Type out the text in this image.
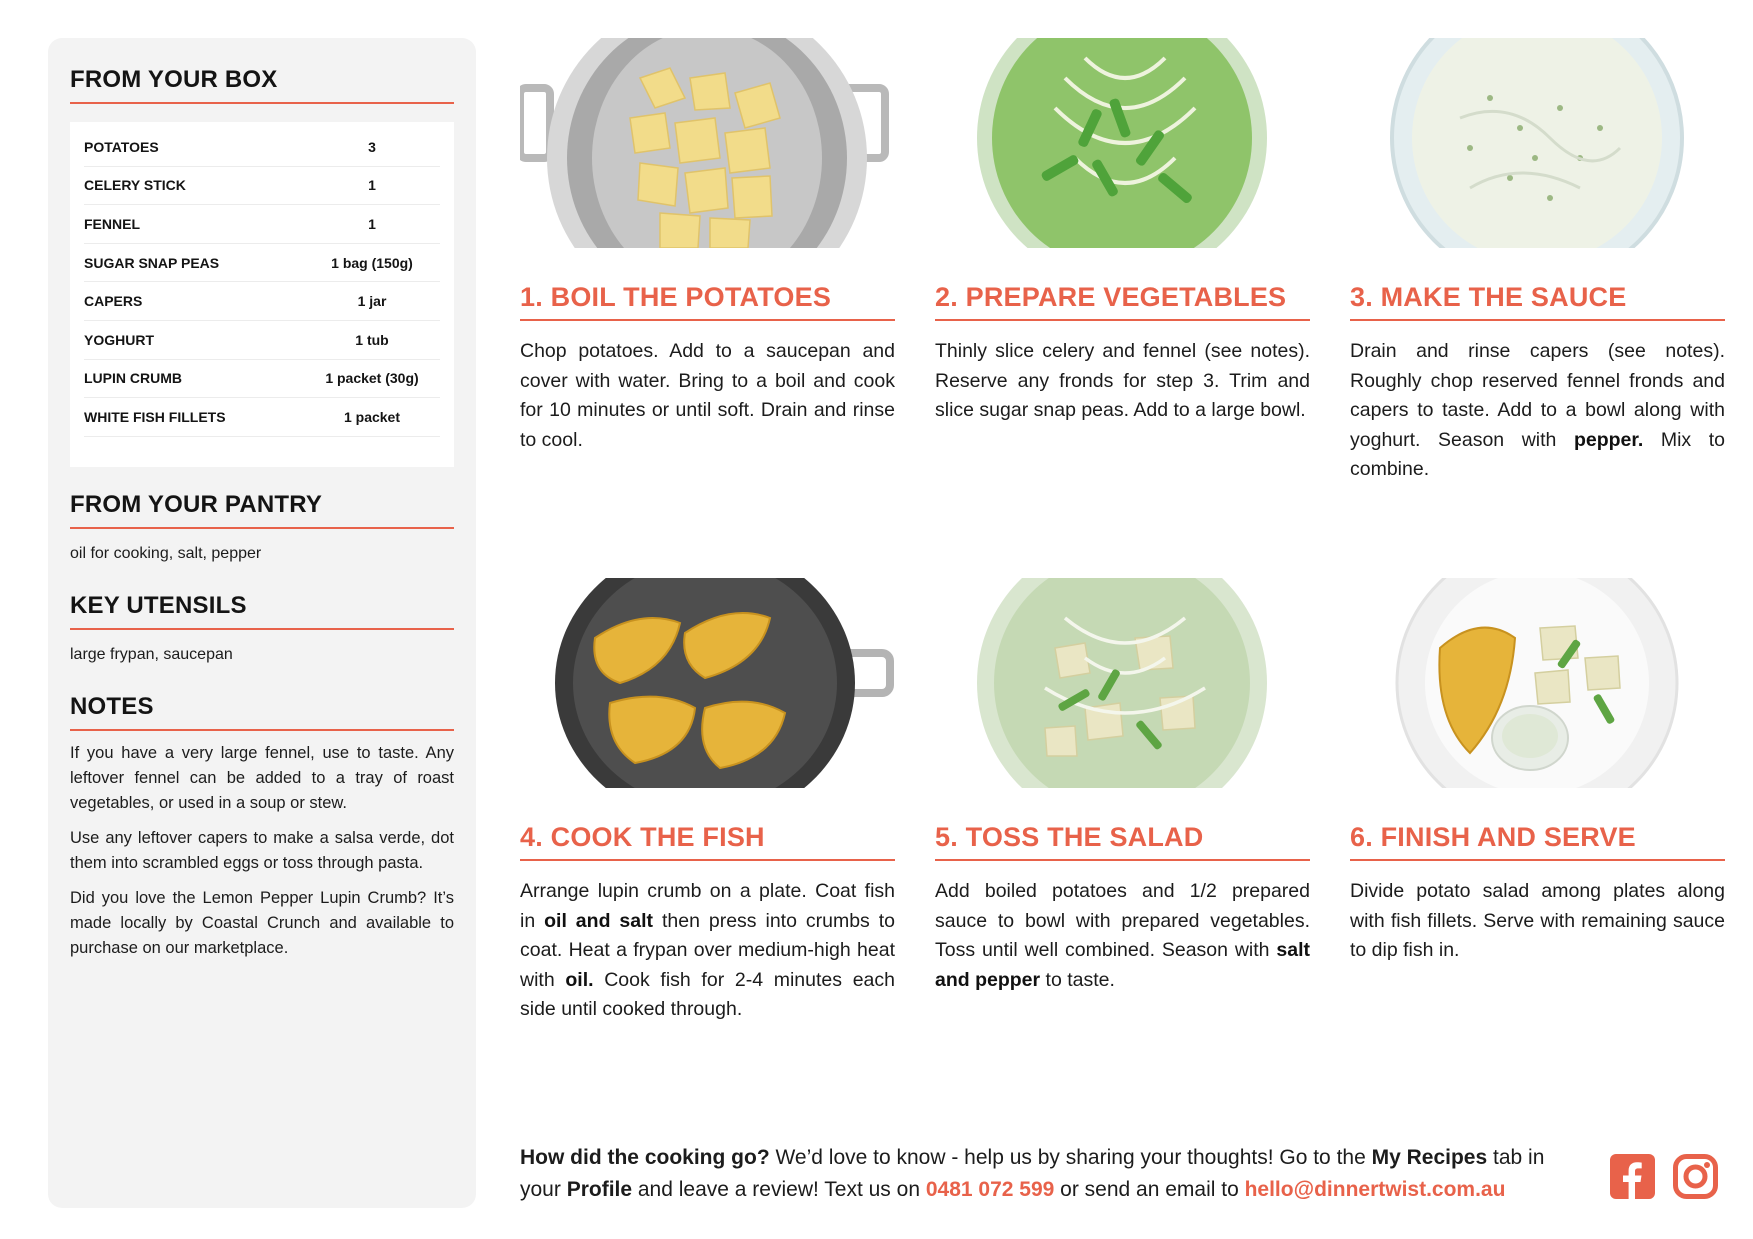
FROM YOUR BOX
POTATOES	3
CELERY STICK	1
FENNEL	1
SUGAR SNAP PEAS	1 bag (150g)
CAPERS	1 jar
YOGHURT	1 tub
LUPIN CRUMB	1 packet (30g)
WHITE FISH FILLETS	1 packet
FROM YOUR PANTRY

oil for cooking, salt, pepper

KEY UTENSILS

large frypan, saucepan

NOTES

If you have a very large fennel, use to taste. Any leftover fennel can be added to a tray of roast vegetables, or used in a soup or stew.

Use any leftover capers to make a salsa verde, dot them into scrambled eggs or toss through pasta.

Did you love the Lemon Pepper Lupin Crumb? It’s made locally by Coastal Crunch and available to purchase on our marketplace.

1. BOIL THE POTATOES

Chop potatoes. Add to a saucepan and cover with water. Bring to a boil and cook for 10 minutes or until soft. Drain and rinse to cool.

2. PREPARE VEGETABLES

Thinly slice celery and fennel (see notes). Reserve any fronds for step 3. Trim and slice sugar snap peas. Add to a large bowl.

3. MAKE THE SAUCE

Drain and rinse capers (see notes). Roughly chop reserved fennel fronds and capers to taste. Add to a bowl along with yoghurt. Season with pepper. Mix to combine.

4. COOK THE FISH

Arrange lupin crumb on a plate. Coat fish in oil and salt then press into crumbs to coat. Heat a frypan over medium-high heat with oil. Cook fish for 2-4 minutes each side until cooked through.

5. TOSS THE SALAD

Add boiled potatoes and 1/2 prepared sauce to bowl with prepared vegetables. Toss until well combined. Season with salt and pepper to taste.

6. FINISH AND SERVE

Divide potato salad among plates along with fish fillets. Serve with remaining sauce to dip fish in.

How did the cooking go? We’d love to know - help us by sharing your thoughts! Go to the My Recipes tab in your Profile and leave a review! Text us on 0481 072 599 or send an email to hello@dinnertwist.com.au
